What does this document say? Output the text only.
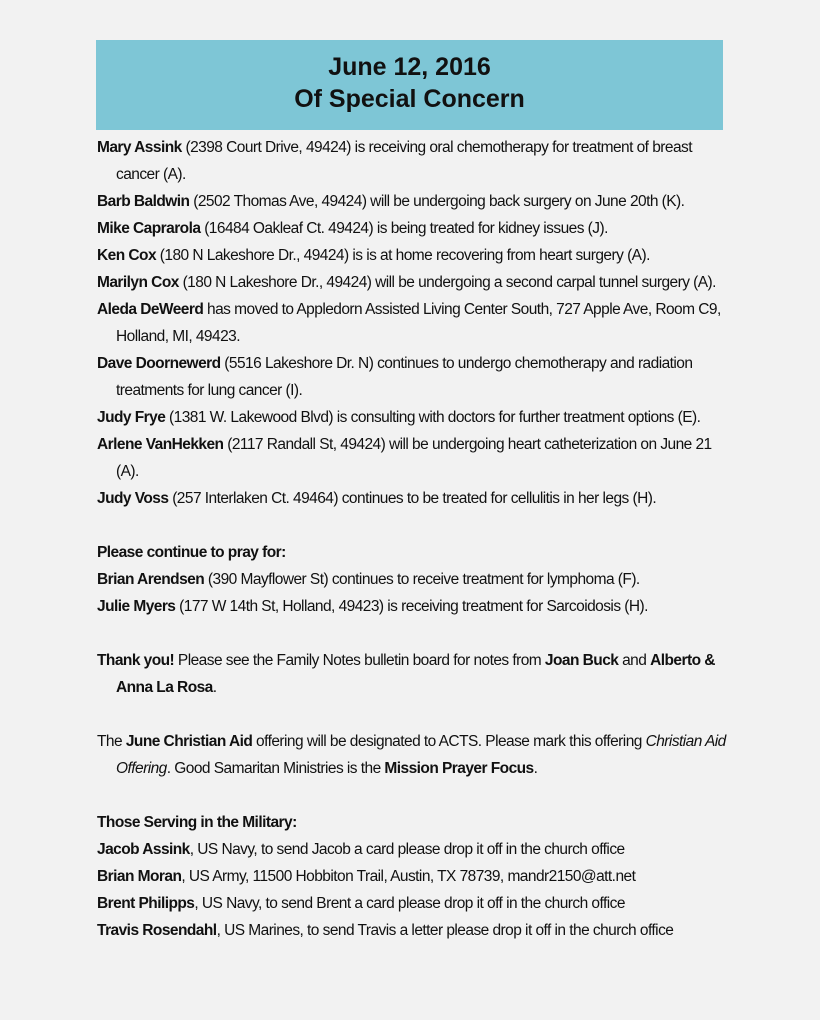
June 12, 2016
Of Special Concern
Mary Assink (2398 Court Drive, 49424) is receiving oral chemotherapy for treatment of breast cancer (A).
Barb Baldwin (2502 Thomas Ave, 49424) will be undergoing back surgery on June 20th (K).
Mike Caprarola (16484 Oakleaf Ct. 49424) is being treated for kidney issues (J).
Ken Cox (180 N Lakeshore Dr., 49424) is is at home recovering from heart surgery (A).
Marilyn Cox (180 N Lakeshore Dr., 49424) will be undergoing a second carpal tunnel surgery (A).
Aleda DeWeerd has moved to Appledorn Assisted Living Center South, 727 Apple Ave, Room C9, Holland, MI, 49423.
Dave Doornewerd (5516 Lakeshore Dr. N) continues to undergo chemotherapy and radiation treatments for lung cancer (I).
Judy Frye (1381 W. Lakewood Blvd) is consulting with doctors for further treatment options (E).
Arlene VanHekken (2117 Randall St, 49424) will be undergoing heart catheterization on June 21 (A).
Judy Voss (257 Interlaken Ct. 49464) continues to be treated for cellulitis in her legs (H).
Please continue to pray for:
Brian Arendsen (390 Mayflower St) continues to receive treatment for lymphoma (F).
Julie Myers (177 W 14th St, Holland, 49423) is receiving treatment for Sarcoidosis (H).
Thank you! Please see the Family Notes bulletin board for notes from Joan Buck and Alberto & Anna La Rosa.
The June Christian Aid offering will be designated to ACTS. Please mark this offering Christian Aid Offering. Good Samaritan Ministries is the Mission Prayer Focus.
Those Serving in the Military:
Jacob Assink, US Navy, to send Jacob a card please drop it off in the church office
Brian Moran, US Army, 11500 Hobbiton Trail, Austin, TX 78739, mandr2150@att.net
Brent Philipps, US Navy, to send Brent a card please drop it off in the church office
Travis Rosendahl, US Marines, to send Travis a letter please drop it off in the church office
